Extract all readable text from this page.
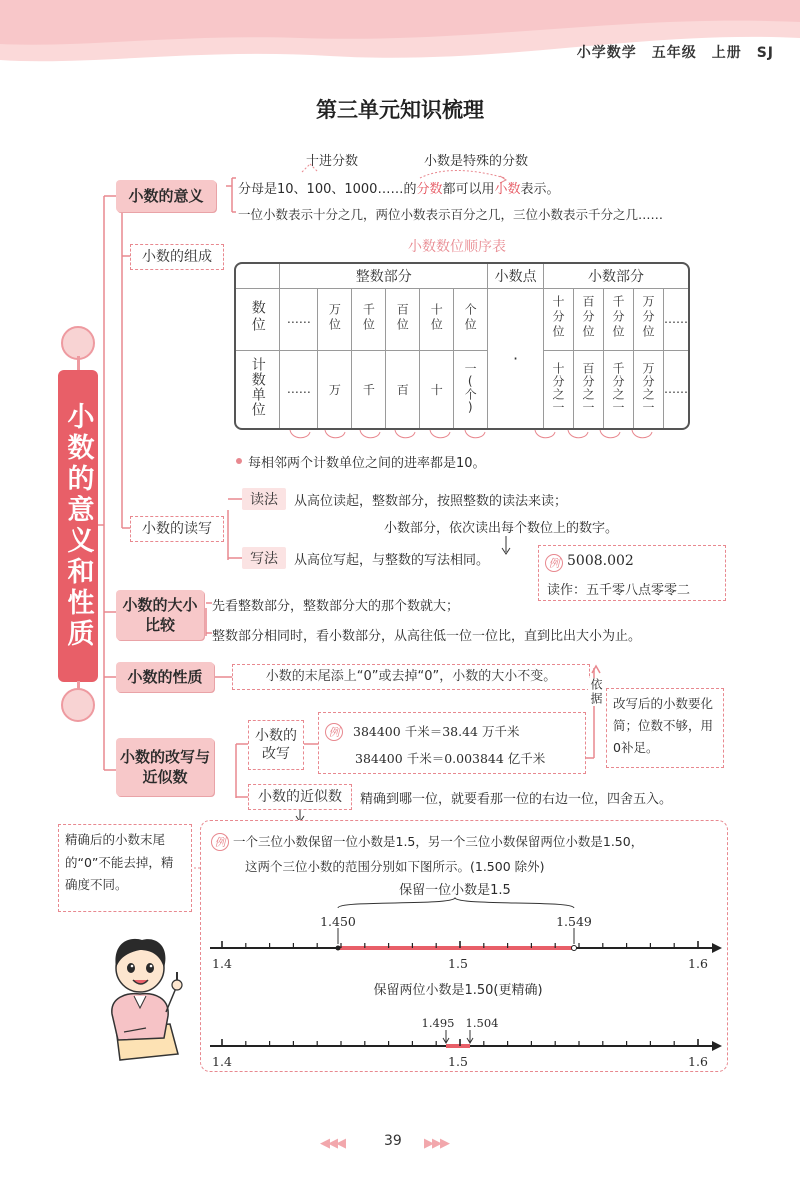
小学数学　五年级　上册　SJ
第三单元知识梳理
小数的意义和性质
小数的意义
十进分数	小数是特殊的分数
分母是10、100、1000……的分数都可以用小数表示。
一位小数表示十分之几，两位小数表示百分之几，三位小数表示千分之几……
小数的组成
小数数位顺序表
	整数部分						小数点	小数部分				
数位	……	万位	千位	百位	十位	个位	·	十分位	百分位	千分位	万分位	……
计数单位	……	万	千	百	十	一(个)		十分之一	百分之一	千分之一	万分之一	……
每相邻两个计数单位之间的进率都是10。
小数的读写
读法	从高位读起，整数部分，按照整数的读法来读；
小数部分，依次读出每个数位上的数字。
写法	从高位写起，与整数的写法相同。	例 5008.002
读作：五千零八点零零二
小数的大小比较
先看整数部分，整数部分大的那个数就大；
整数部分相同时，看小数部分，从高往低一位一位比，直到比出大小为止。
小数的性质	小数的末尾添上“0”或去掉“0”，小数的大小不变。
依据 改写后的小数要化简；位数不够，用0补足。
小数的改写与近似数
小数的改写
例 384400 千米＝38.44 万千米
384400 千米＝0.003844 亿千米
小数的近似数	精确到哪一位，就要看那一位的右边一位，四舍五入。
精确后的小数末尾的“0”不能去掉，精确度不同。
例 一个三位小数保留一位小数是1.5，另一个三位小数保留两位小数是1.50，
这两个三位小数的范围分别如下图所示。(1.500 除外)
保留一位小数是1.5
1.450	1.549
1.4	1.5	1.6
保留两位小数是1.50(更精确)
1.495 1.504
1.4	1.5	1.6
◀◀◀	39 ▶▶▶
